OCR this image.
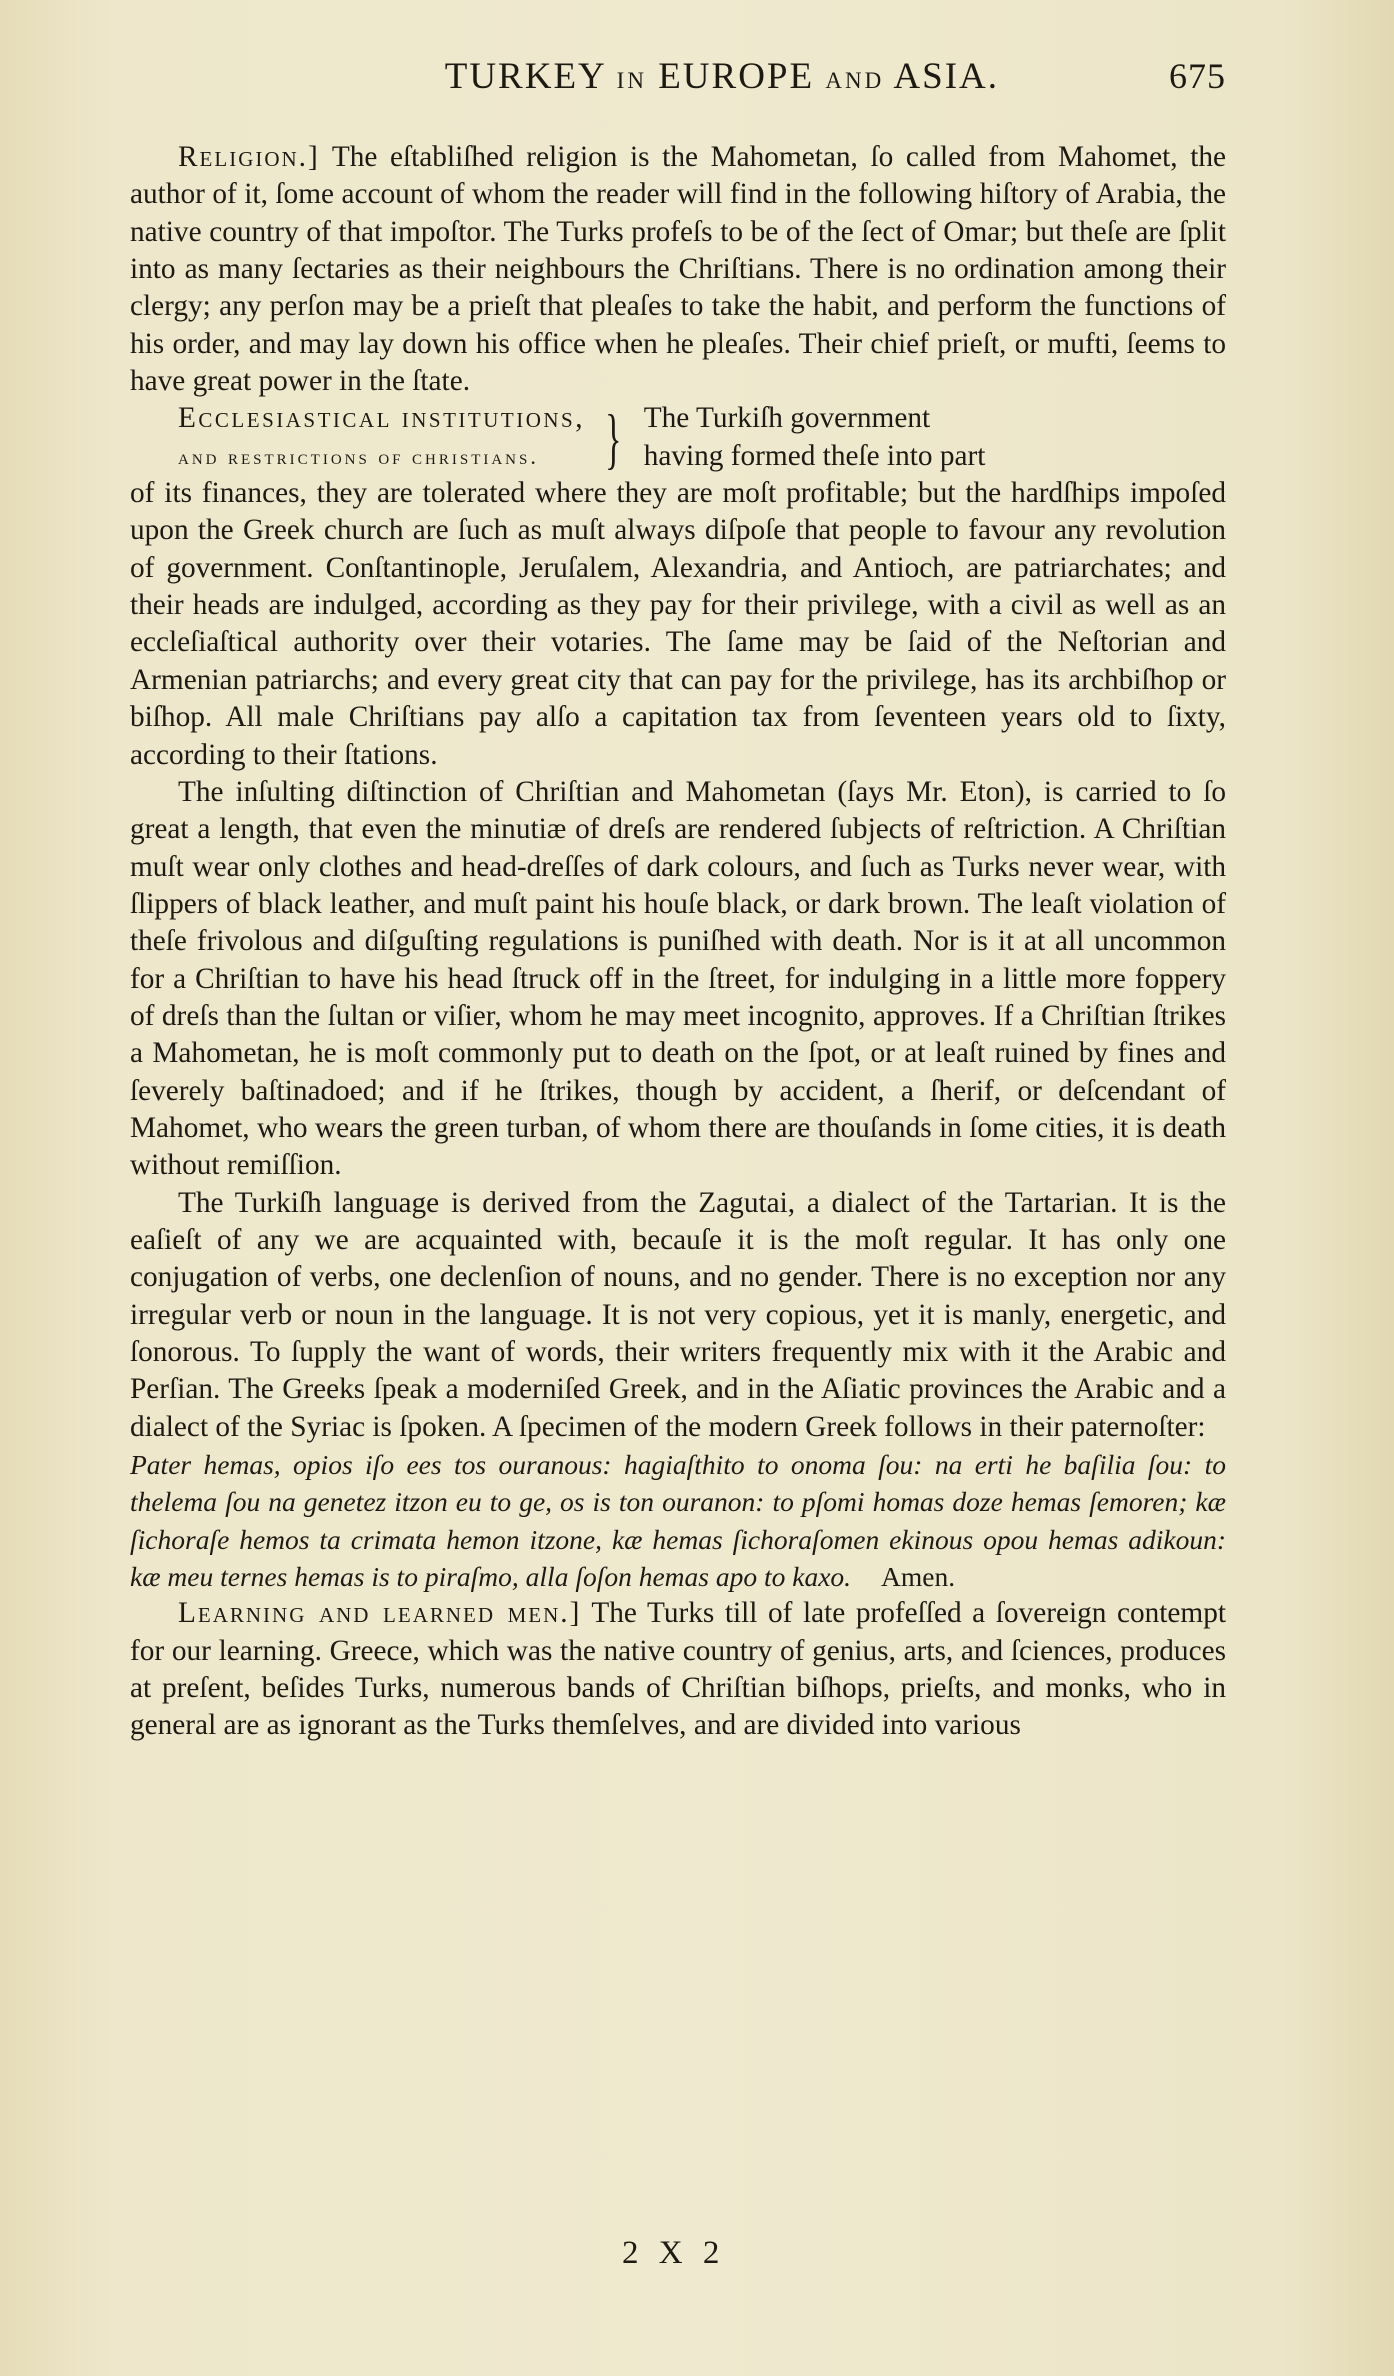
TURKEY IN EUROPE AND ASIA.	675

Religion.] The eſtabliſhed religion is the Mahometan, ſo called from Mahomet, the author of it, ſome account of whom the reader will find in the following hiſtory of Arabia, the native country of that impoſtor. The Turks profeſs to be of the ſect of Omar; but theſe are ſplit into as many ſectaries as their neighbours the Chriſtians. There is no ordination among their clergy; any perſon may be a prieſt that pleaſes to take the habit, and perform the functions of his order, and may lay down his office when he pleaſes. Their chief prieſt, or mufti, ſeems to have great power in the ſtate.

Ecclesiastical institutions,
and restrictions of christians. } The Turkiſh government
having formed theſe into part

of its finances, they are tolerated where they are moſt profitable; but the hardſhips impoſed upon the Greek church are ſuch as muſt always diſpoſe that people to favour any revolution of government. Conſtantinople, Jeruſalem, Alexandria, and Antioch, are patriarchates; and their heads are indulged, according as they pay for their privilege, with a civil as well as an eccleſiaſtical authority over their votaries. The ſame may be ſaid of the Neſtorian and Armenian patriarchs; and every great city that can pay for the privilege, has its archbiſhop or biſhop. All male Chriſtians pay alſo a capitation tax from ſeventeen years old to ſixty, according to their ſtations.

The inſulting diſtinction of Chriſtian and Mahometan (ſays Mr. Eton), is carried to ſo great a length, that even the minutiæ of dreſs are rendered ſubjects of reſtriction. A Chriſtian muſt wear only clothes and head-dreſſes of dark colours, and ſuch as Turks never wear, with ſlippers of black leather, and muſt paint his houſe black, or dark brown. The leaſt violation of theſe frivolous and diſguſting regulations is puniſhed with death. Nor is it at all uncommon for a Chriſtian to have his head ſtruck off in the ſtreet, for indulging in a little more foppery of dreſs than the ſultan or viſier, whom he may meet incognito, approves. If a Chriſtian ſtrikes a Mahometan, he is moſt commonly put to death on the ſpot, or at leaſt ruined by fines and ſeverely baſtinadoed; and if he ſtrikes, though by accident, a ſherif, or deſcendant of Mahomet, who wears the green turban, of whom there are thouſands in ſome cities, it is death without remiſſion.

The Turkiſh language is derived from the Zagutai, a dialect of the Tartarian. It is the eaſieſt of any we are acquainted with, becauſe it is the moſt regular. It has only one conjugation of verbs, one declenſion of nouns, and no gender. There is no exception nor any irregular verb or noun in the language. It is not very copious, yet it is manly, energetic, and ſonorous. To ſupply the want of words, their writers frequently mix with it the Arabic and Perſian. The Greeks ſpeak a moderniſed Greek, and in the Aſiatic provinces the Arabic and a dialect of the Syriac is ſpoken. A ſpecimen of the modern Greek follows in their paternoſter:

Pater hemas, opios iſo ees tos ouranous: hagiaſthito to onoma ſou: na erti he baſilia ſou: to thelema ſou na genetez itzon eu to ge, os is ton ouranon: to pſomi homas doze hemas ſemoren; kæ ſichoraſe hemos ta crimata hemon itzone, kæ hemas ſichoraſomen ekinous opou hemas adikoun: kæ meu ternes hemas is to piraſmo, alla ſoſon hemas apo to kaxo. Amen.

Learning and learned men.] The Turks till of late profeſſed a ſovereign contempt for our learning. Greece, which was the native country of genius, arts, and ſciences, produces at preſent, beſides Turks, numerous bands of Chriſtian biſhops, prieſts, and monks, who in general are as ignorant as the Turks themſelves, and are divided into various

2 X 2
